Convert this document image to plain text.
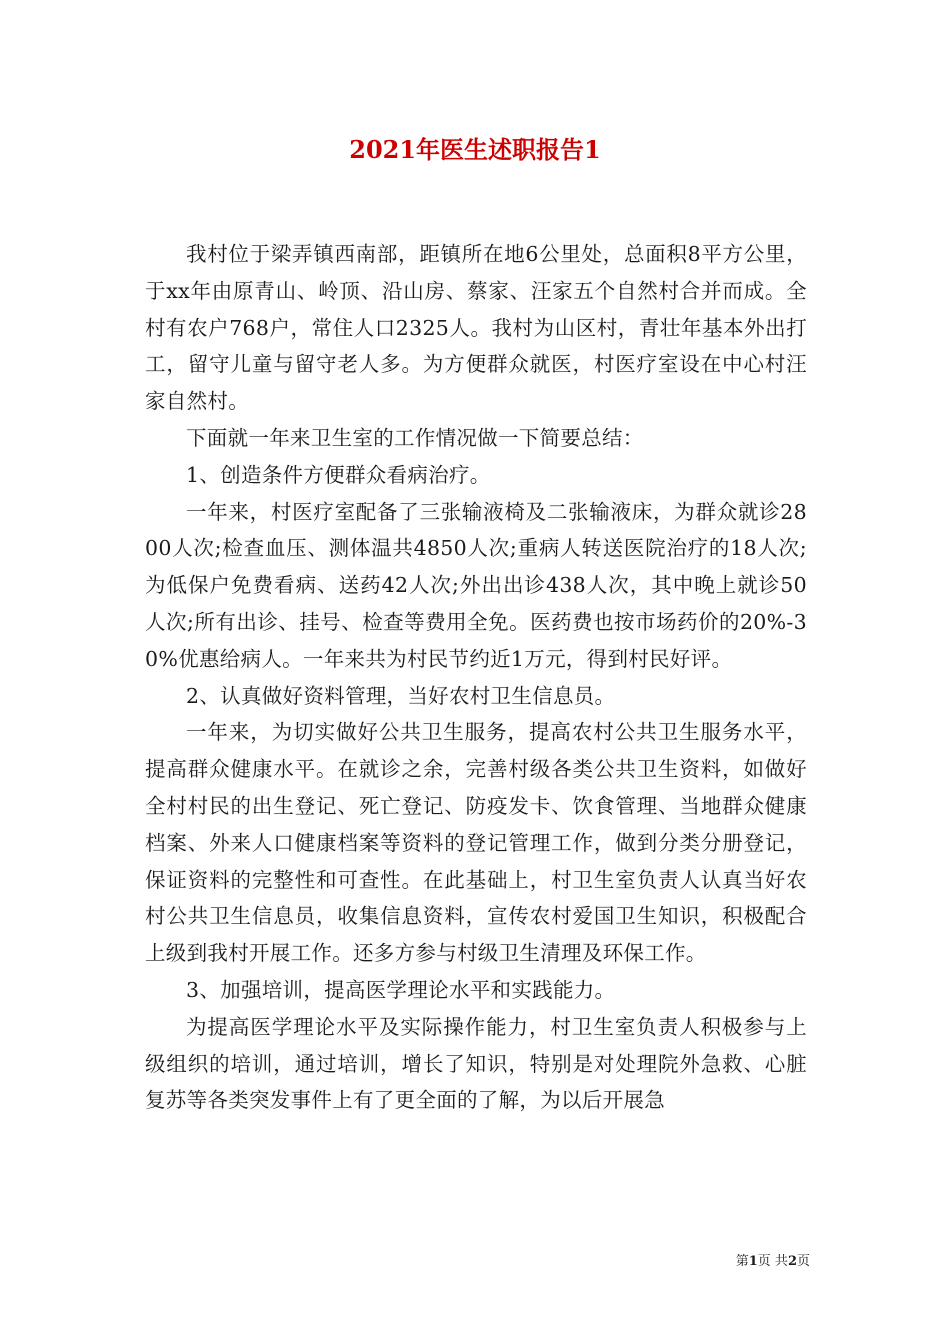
2021年医生述职报告1

我村位于梁弄镇西南部，距镇所在地6公里处，总面积8平方公里，于xx年由原青山、岭顶、沿山房、蔡家、汪家五个自然村合并而成。全村有农户768户，常住人口2325人。我村为山区村，青壮年基本外出打工，留守儿童与留守老人多。为方便群众就医，村医疗室设在中心村汪家自然村。

下面就一年来卫生室的工作情况做一下简要总结：

1、创造条件方便群众看病治疗。

一年来，村医疗室配备了三张输液椅及二张输液床，为群众就诊2800人次;检查血压、测体温共4850人次;重病人转送医院治疗的18人次;为低保户免费看病、送药42人次;外出出诊438人次，其中晚上就诊50人次;所有出诊、挂号、检查等费用全免。医药费也按市场药价的20%-30%优惠给病人。一年来共为村民节约近1万元，得到村民好评。

2、认真做好资料管理，当好农村卫生信息员。

一年来，为切实做好公共卫生服务，提高农村公共卫生服务水平，提高群众健康水平。在就诊之余，完善村级各类公共卫生资料，如做好全村村民的出生登记、死亡登记、防疫发卡、饮食管理、当地群众健康档案、外来人口健康档案等资料的登记管理工作，做到分类分册登记，保证资料的完整性和可查性。在此基础上，村卫生室负责人认真当好农村公共卫生信息员，收集信息资料，宣传农村爱国卫生知识，积极配合上级到我村开展工作。还多方参与村级卫生清理及环保工作。

3、加强培训，提高医学理论水平和实践能力。

为提高医学理论水平及实际操作能力，村卫生室负责人积极参与上级组织的培训，通过培训，增长了知识，特别是对处理院外急救、心脏复苏等各类突发事件上有了更全面的了解，为以后开展急

第1页 共2页
